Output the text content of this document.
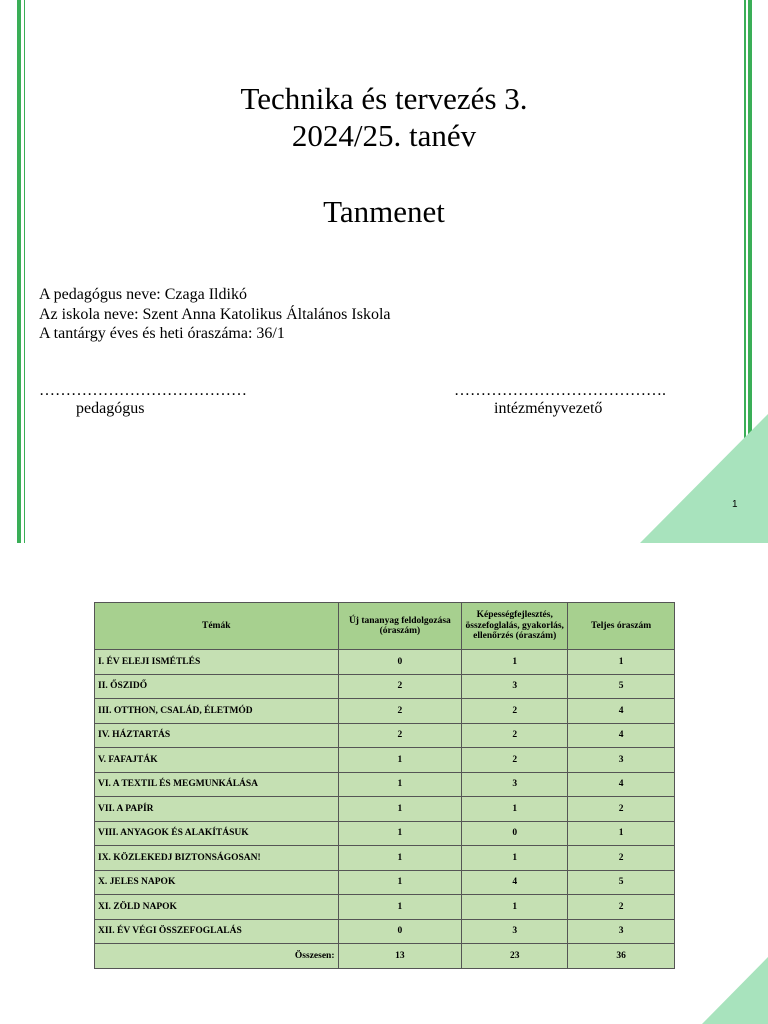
Technika és tervezés 3.
2024/25. tanév
Tanmenet
A pedagógus neve: Czaga Ildikó
Az iskola neve: Szent Anna Katolikus Általános Iskola
A tantárgy éves és heti óraszáma: 36/1
…………………………………
pedagógus
………………………………….
intézményvezető
1
Témák	Új tananyag feldolgozása (óraszám)	Képességfejlesztés, összefoglalás, gyakorlás, ellenőrzés (óraszám)	Teljes óraszám
I. ÉV ELEJI ISMÉTLÉS	0	1	1
II. ŐSZIDŐ	2	3	5
III. OTTHON, CSALÁD, ÉLETMÓD	2	2	4
IV. HÁZTARTÁS	2	2	4
V. FAFAJTÁK	1	2	3
VI. A TEXTIL ÉS MEGMUNKÁLÁSA	1	3	4
VII. A PAPÍR	1	1	2
VIII. ANYAGOK ÉS ALAKÍTÁSUK	1	0	1
IX. KÖZLEKEDJ BIZTONSÁGOSAN!	1	1	2
X. JELES NAPOK	1	4	5
XI. ZÖLD NAPOK	1	1	2
XII. ÉV VÉGI ÖSSZEFOGLALÁS	0	3	3
Összesen:	13	23	36
